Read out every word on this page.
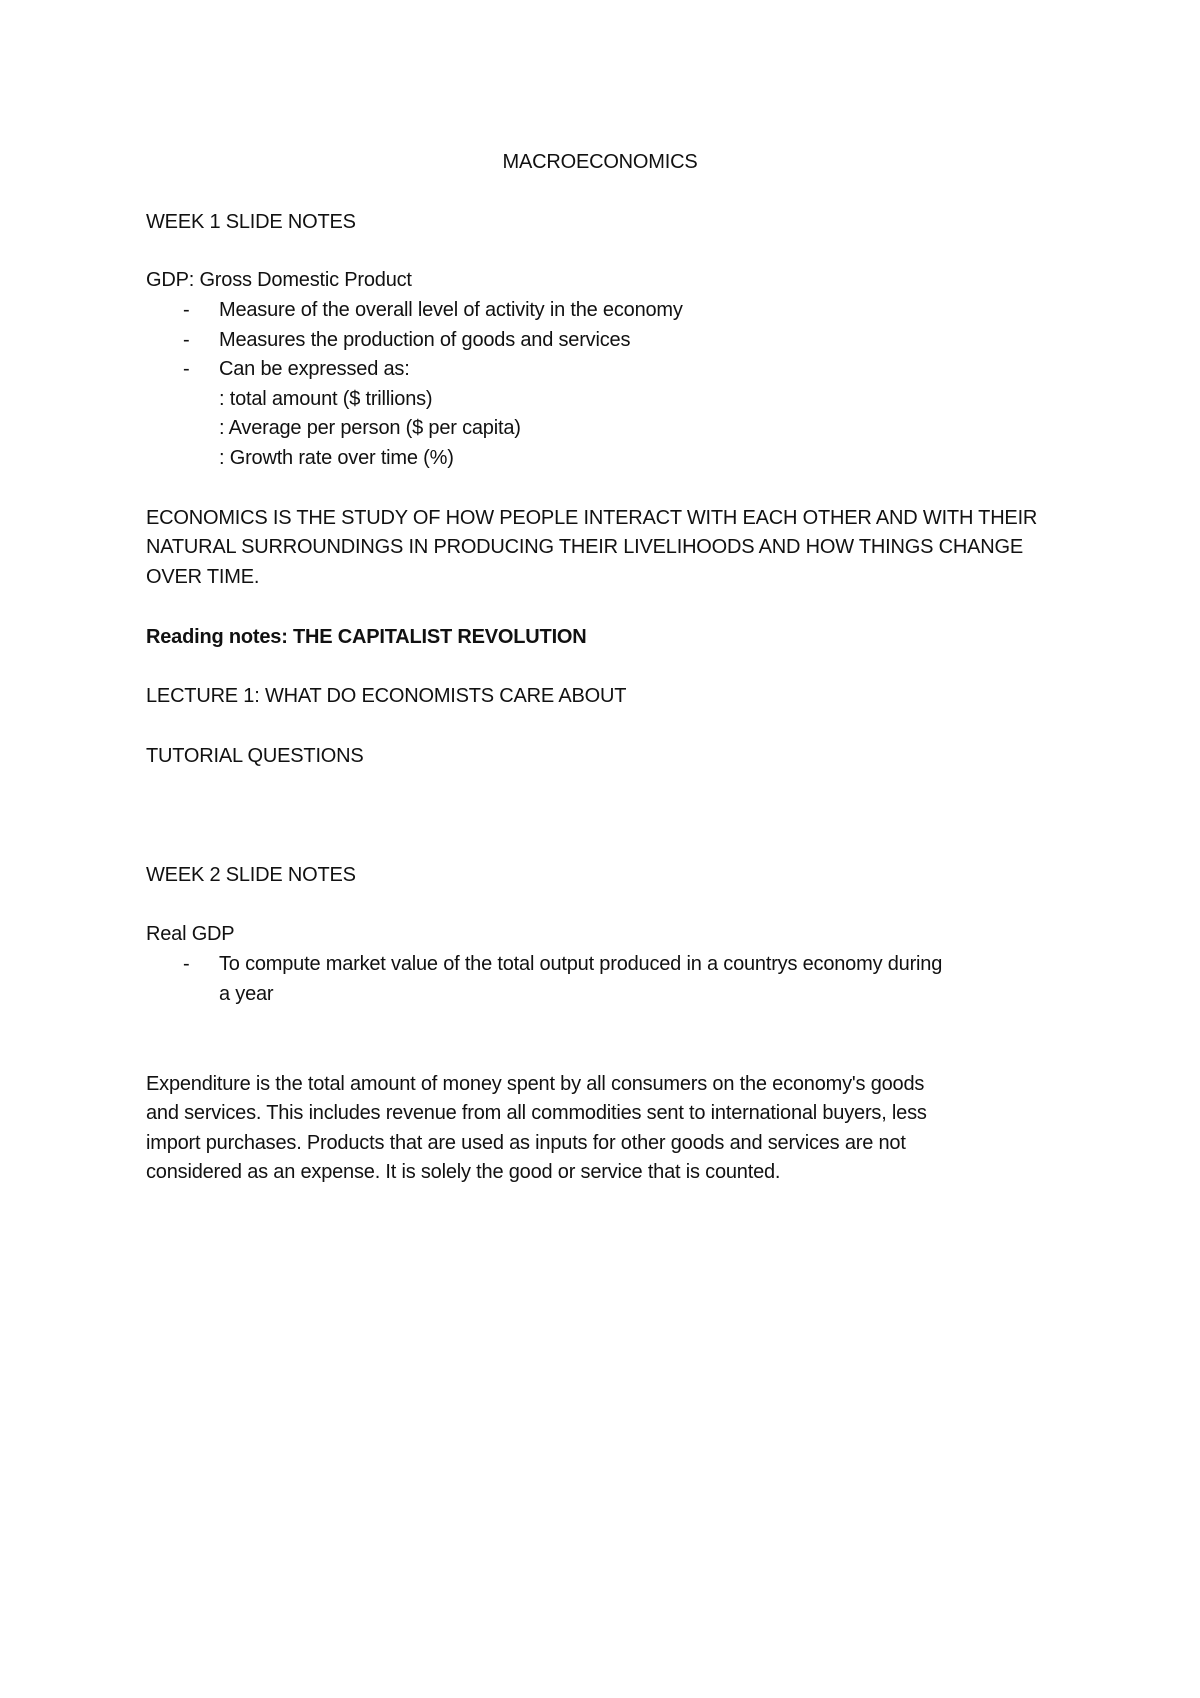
MACROECONOMICS
WEEK 1 SLIDE NOTES
GDP: Gross Domestic Product
- Measure of the overall level of activity in the economy
- Measures the production of goods and services
- Can be expressed as:
: total amount ($ trillions)
: Average per person ($ per capita)
: Growth rate over time (%)
ECONOMICS IS THE STUDY OF HOW PEOPLE INTERACT WITH EACH OTHER AND WITH THEIR
NATURAL SURROUNDINGS IN PRODUCING THEIR LIVELIHOODS AND HOW THINGS CHANGE
OVER TIME.
Reading notes: THE CAPITALIST REVOLUTION
LECTURE 1: WHAT DO ECONOMISTS CARE ABOUT
TUTORIAL QUESTIONS
WEEK 2 SLIDE NOTES
Real GDP
- To compute market value of the total output produced in a countrys economy during
a year
Expenditure is the total amount of money spent by all consumers on the economy's goods
and services. This includes revenue from all commodities sent to international buyers, less
import purchases. Products that are used as inputs for other goods and services are not
considered as an expense. It is solely the good or service that is counted.
